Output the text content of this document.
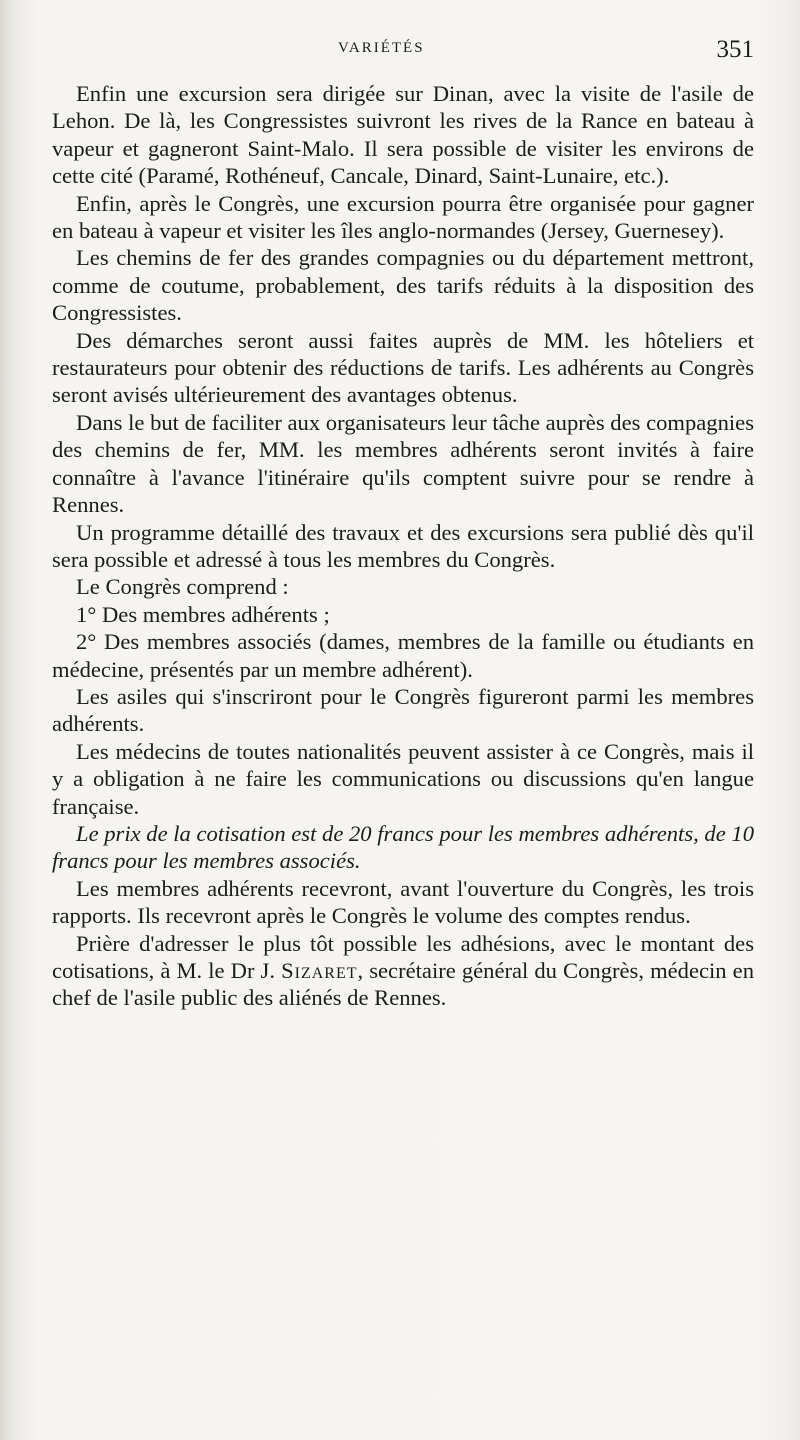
VARIÉTÉS	351

Enfin une excursion sera dirigée sur Dinan, avec la visite de l'asile de Lehon. De là, les Congressistes suivront les rives de la Rance en bateau à vapeur et gagneront Saint-Malo. Il sera possible de visiter les environs de cette cité (Paramé, Rothéneuf, Cancale, Dinard, Saint-Lunaire, etc.).

Enfin, après le Congrès, une excursion pourra être organisée pour gagner en bateau à vapeur et visiter les îles anglo-normandes (Jersey, Guernesey).

Les chemins de fer des grandes compagnies ou du département mettront, comme de coutume, probablement, des tarifs réduits à la disposition des Congressistes.

Des démarches seront aussi faites auprès de MM. les hôteliers et restaurateurs pour obtenir des réductions de tarifs. Les adhérents au Congrès seront avisés ultérieurement des avantages obtenus.

Dans le but de faciliter aux organisateurs leur tâche auprès des compagnies des chemins de fer, MM. les membres adhérents seront invités à faire connaître à l'avance l'itinéraire qu'ils comptent suivre pour se rendre à Rennes.

Un programme détaillé des travaux et des excursions sera publié dès qu'il sera possible et adressé à tous les membres du Congrès.

Le Congrès comprend :

1° Des membres adhérents ;

2° Des membres associés (dames, membres de la famille ou étudiants en médecine, présentés par un membre adhérent).

Les asiles qui s'inscriront pour le Congrès figureront parmi les membres adhérents.

Les médecins de toutes nationalités peuvent assister à ce Congrès, mais il y a obligation à ne faire les communications ou discussions qu'en langue française.

Le prix de la cotisation est de 20 francs pour les membres adhérents, de 10 francs pour les membres associés.

Les membres adhérents recevront, avant l'ouverture du Congrès, les trois rapports. Ils recevront après le Congrès le volume des comptes rendus.

Prière d'adresser le plus tôt possible les adhésions, avec le montant des cotisations, à M. le Dr J. Sizaret, secrétaire général du Congrès, médecin en chef de l'asile public des aliénés de Rennes.
